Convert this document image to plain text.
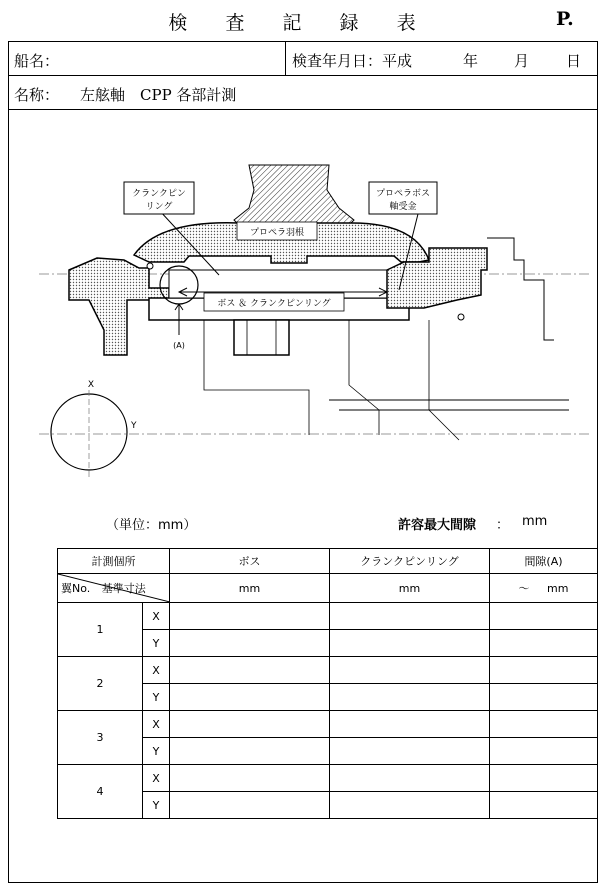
検 査 記 録 表	P.
船名：	検査年月日：平成	年 月 日
名称： 左舷軸　CPP 各部計測
クランクピン
リング
プロペラボス
軸受金
プロペラ羽根
ボス ＆ クランクピンリング
(A)
X
Y
（単位：mm）	許容最大間隙 ： mm
計測個所		ボス	クランクピンリング	間隙(A)

翼No. 基準寸法		mm	mm	〜 mm
1	X			
	Y			
2	X			
	Y			
3	X			
	Y			
4	X			
	Y			
